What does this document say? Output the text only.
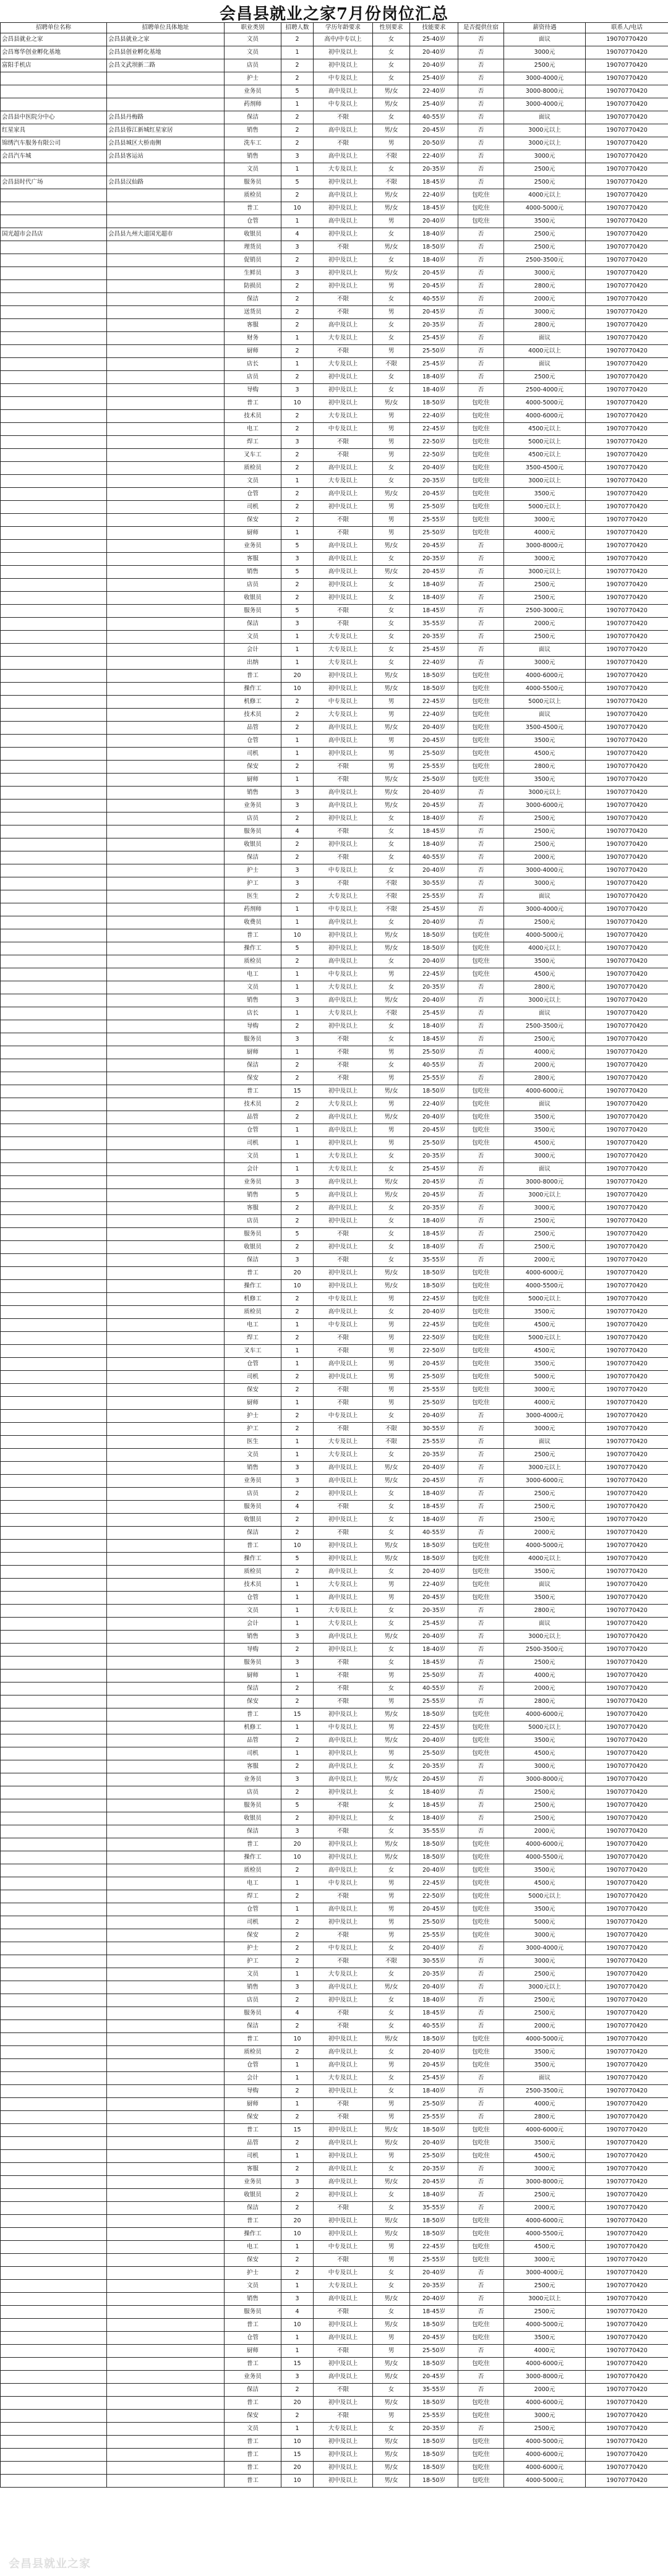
会昌县就业之家7月份岗位汇总
招聘单位名称	招聘单位具体地址	职业类别	招聘人数	学历年龄要求	性别要求	技能要求	是否提供住宿	薪资待遇	联系人/电话
会昌县就业之家	会昌县就业之家	文员	2	高中/中专以上	女	25-40岁	否	面议	19070770420
会昌骞华创业孵化基地	会昌县创业孵化基地	文员	1	初中及以上	女	20-40岁	否	3000元	19070770420
富阳手机店	会昌文武坝新二路	店员	2	初中及以上	女	20-40岁	否	2500元	19070770420
		护士	2	中专及以上	女	25-40岁	否	3000-4000元	19070770420
		业务员	5	高中及以上	男/女	22-40岁	否	3000-8000元	19070770420
		药剂师	1	中专及以上	男/女	25-40岁	否	3000-4000元	19070770420
会昌县中医院分中心	会昌县丹梅路	保洁	2	不限	女	40-55岁	否	面议	19070770420
红星家具	会昌县蓉江新城红星家居	销售	2	高中及以上	男/女	20-45岁	否	3000元以上	19070770420
锦绣汽车服务有限公司	会昌县城区大桥南侧	洗车工	2	不限	男	20-50岁	否	3000元以上	19070770420
会昌汽车城	会昌县客运站	销售	3	高中及以上	不限	22-40岁	否	3000元	19070770420
		文员	1	大专及以上	女	20-35岁	否	2500元	19070770420
会昌县时代广场	会昌县汉仙路	服务员	5	初中及以上	不限	18-45岁	否	2500元	19070770420
		质检员	2	高中及以上	男/女	22-40岁	包吃住	4000元以上	19070770420
		普工	10	初中及以上	男/女	18-45岁	包吃住	4000-5000元	19070770420
		仓管	1	高中及以上	男	20-40岁	包吃住	3500元	19070770420
国光超市会昌店	会昌县九州大道国光超市	收银员	4	初中及以上	女	18-40岁	否	2500元	19070770420
		理货员	3	不限	男/女	18-50岁	否	2500元	19070770420
		促销员	2	初中及以上	女	18-40岁	否	2500-3500元	19070770420
		生鲜员	3	初中及以上	男/女	20-45岁	否	3000元	19070770420
		防损员	2	初中及以上	男	20-45岁	否	2800元	19070770420
		保洁	2	不限	女	40-55岁	否	2000元	19070770420
		送货员	2	不限	男	20-45岁	否	3000元	19070770420
		客服	2	高中及以上	女	20-35岁	否	2800元	19070770420
		财务	1	大专及以上	女	25-45岁	否	面议	19070770420
		厨师	2	不限	男	25-50岁	否	4000元以上	19070770420
		店长	1	大专及以上	不限	25-45岁	否	面议	19070770420
		店员	2	初中及以上	女	18-40岁	否	2500元	19070770420
		导购	3	初中及以上	女	18-40岁	否	2500-4000元	19070770420
		普工	10	初中及以上	男/女	18-50岁	包吃住	4000-5000元	19070770420
		技术员	2	大专及以上	男	22-40岁	包吃住	4000-6000元	19070770420
		电工	2	中专及以上	男	22-45岁	包吃住	4500元以上	19070770420
		焊工	3	不限	男	22-50岁	包吃住	5000元以上	19070770420
		叉车工	2	不限	男	22-50岁	包吃住	4500元以上	19070770420
		质检员	2	高中及以上	女	20-40岁	包吃住	3500-4500元	19070770420
		文员	1	大专及以上	女	20-35岁	包吃住	3000元以上	19070770420
		仓管	2	高中及以上	男/女	20-45岁	包吃住	3500元	19070770420
		司机	2	初中及以上	男	25-50岁	包吃住	5000元以上	19070770420
		保安	2	不限	男	25-55岁	包吃住	3000元	19070770420
		厨师	1	不限	男	25-50岁	包吃住	4000元	19070770420
		业务员	5	高中及以上	男/女	20-45岁	否	3000-8000元	19070770420
		客服	3	高中及以上	女	20-35岁	否	3000元	19070770420
		销售	5	高中及以上	男/女	20-45岁	否	3000元以上	19070770420
		店员	2	初中及以上	女	18-40岁	否	2500元	19070770420
		收银员	2	初中及以上	女	18-40岁	否	2500元	19070770420
		服务员	5	不限	女	18-45岁	否	2500-3000元	19070770420
		保洁	3	不限	女	35-55岁	否	2000元	19070770420
		文员	1	大专及以上	女	20-35岁	否	2500元	19070770420
		会计	1	大专及以上	女	25-45岁	否	面议	19070770420
		出纳	1	大专及以上	女	22-40岁	否	3000元	19070770420
		普工	20	初中及以上	男/女	18-50岁	包吃住	4000-6000元	19070770420
		操作工	10	初中及以上	男/女	18-50岁	包吃住	4000-5500元	19070770420
		机修工	2	中专及以上	男	22-45岁	包吃住	5000元以上	19070770420
		技术员	2	大专及以上	男	22-40岁	包吃住	面议	19070770420
		品管	2	高中及以上	男/女	20-40岁	包吃住	3500-4500元	19070770420
		仓管	1	高中及以上	男	20-45岁	包吃住	3500元	19070770420
		司机	1	初中及以上	男	25-50岁	包吃住	4500元	19070770420
		保安	2	不限	男	25-55岁	包吃住	2800元	19070770420
		厨师	1	不限	男/女	25-50岁	包吃住	3500元	19070770420
		销售	3	高中及以上	男/女	20-40岁	否	3000元以上	19070770420
		业务员	3	高中及以上	男/女	20-45岁	否	3000-6000元	19070770420
		店员	2	初中及以上	女	18-40岁	否	2500元	19070770420
		服务员	4	不限	女	18-45岁	否	2500元	19070770420
		收银员	2	初中及以上	女	18-40岁	否	2500元	19070770420
		保洁	2	不限	女	40-55岁	否	2000元	19070770420
		护士	3	中专及以上	女	20-40岁	否	3000-4000元	19070770420
		护工	3	不限	不限	30-55岁	否	3000元	19070770420
		医生	2	大专及以上	不限	25-55岁	否	面议	19070770420
		药剂师	1	中专及以上	不限	25-45岁	否	3000-4000元	19070770420
		收费员	1	高中及以上	女	20-40岁	否	2500元	19070770420
		普工	10	初中及以上	男/女	18-50岁	包吃住	4000-5000元	19070770420
		操作工	5	初中及以上	男/女	18-50岁	包吃住	4000元以上	19070770420
		质检员	2	高中及以上	女	20-40岁	包吃住	3500元	19070770420
		电工	1	中专及以上	男	22-45岁	包吃住	4500元	19070770420
		文员	1	大专及以上	女	20-35岁	否	2800元	19070770420
		销售	3	高中及以上	男/女	20-40岁	否	3000元以上	19070770420
		店长	1	大专及以上	不限	25-45岁	否	面议	19070770420
		导购	2	初中及以上	女	18-40岁	否	2500-3500元	19070770420
		服务员	3	不限	女	18-45岁	否	2500元	19070770420
		厨师	1	不限	男	25-50岁	否	4000元	19070770420
		保洁	2	不限	女	40-55岁	否	2000元	19070770420
		保安	2	不限	男	25-55岁	否	2800元	19070770420
		普工	15	初中及以上	男/女	18-50岁	包吃住	4000-6000元	19070770420
		技术员	2	大专及以上	男	22-40岁	包吃住	面议	19070770420
		品管	2	高中及以上	男/女	20-40岁	包吃住	3500元	19070770420
		仓管	1	高中及以上	男	20-45岁	包吃住	3500元	19070770420
		司机	1	初中及以上	男	25-50岁	包吃住	4500元	19070770420
		文员	1	大专及以上	女	20-35岁	否	3000元	19070770420
		会计	1	大专及以上	女	25-45岁	否	面议	19070770420
		业务员	3	高中及以上	男/女	20-45岁	否	3000-8000元	19070770420
		销售	5	高中及以上	男/女	20-45岁	否	3000元以上	19070770420
		客服	2	高中及以上	女	20-35岁	否	3000元	19070770420
		店员	2	初中及以上	女	18-40岁	否	2500元	19070770420
		服务员	5	不限	女	18-45岁	否	2500元	19070770420
		收银员	2	初中及以上	女	18-40岁	否	2500元	19070770420
		保洁	3	不限	女	35-55岁	否	2000元	19070770420
		普工	20	初中及以上	男/女	18-50岁	包吃住	4000-6000元	19070770420
		操作工	10	初中及以上	男/女	18-50岁	包吃住	4000-5500元	19070770420
		机修工	2	中专及以上	男	22-45岁	包吃住	5000元以上	19070770420
		质检员	2	高中及以上	女	20-40岁	包吃住	3500元	19070770420
		电工	1	中专及以上	男	22-45岁	包吃住	4500元	19070770420
		焊工	2	不限	男	22-50岁	包吃住	5000元以上	19070770420
		叉车工	1	不限	男	22-50岁	包吃住	4500元	19070770420
		仓管	1	高中及以上	男	20-45岁	包吃住	3500元	19070770420
		司机	2	初中及以上	男	25-50岁	包吃住	5000元	19070770420
		保安	2	不限	男	25-55岁	包吃住	3000元	19070770420
		厨师	1	不限	男	25-50岁	包吃住	4000元	19070770420
		护士	2	中专及以上	女	20-40岁	否	3000-4000元	19070770420
		护工	2	不限	不限	30-55岁	否	3000元	19070770420
		医生	1	大专及以上	不限	25-55岁	否	面议	19070770420
		文员	1	大专及以上	女	20-35岁	否	2500元	19070770420
		销售	3	高中及以上	男/女	20-40岁	否	3000元以上	19070770420
		业务员	3	高中及以上	男/女	20-45岁	否	3000-6000元	19070770420
		店员	2	初中及以上	女	18-40岁	否	2500元	19070770420
		服务员	4	不限	女	18-45岁	否	2500元	19070770420
		收银员	2	初中及以上	女	18-40岁	否	2500元	19070770420
		保洁	2	不限	女	40-55岁	否	2000元	19070770420
		普工	10	初中及以上	男/女	18-50岁	包吃住	4000-5000元	19070770420
		操作工	5	初中及以上	男/女	18-50岁	包吃住	4000元以上	19070770420
		质检员	2	高中及以上	女	20-40岁	包吃住	3500元	19070770420
		技术员	1	大专及以上	男	22-40岁	包吃住	面议	19070770420
		仓管	1	高中及以上	男	20-45岁	包吃住	3500元	19070770420
		文员	1	大专及以上	女	20-35岁	否	2800元	19070770420
		会计	1	大专及以上	女	25-45岁	否	面议	19070770420
		销售	3	高中及以上	男/女	20-40岁	否	3000元以上	19070770420
		导购	2	初中及以上	女	18-40岁	否	2500-3500元	19070770420
		服务员	3	不限	女	18-45岁	否	2500元	19070770420
		厨师	1	不限	男	25-50岁	否	4000元	19070770420
		保洁	2	不限	女	40-55岁	否	2000元	19070770420
		保安	2	不限	男	25-55岁	否	2800元	19070770420
		普工	15	初中及以上	男/女	18-50岁	包吃住	4000-6000元	19070770420
		机修工	1	中专及以上	男	22-45岁	包吃住	5000元以上	19070770420
		品管	2	高中及以上	男/女	20-40岁	包吃住	3500元	19070770420
		司机	1	初中及以上	男	25-50岁	包吃住	4500元	19070770420
		客服	2	高中及以上	女	20-35岁	否	3000元	19070770420
		业务员	3	高中及以上	男/女	20-45岁	否	3000-8000元	19070770420
		店员	2	初中及以上	女	18-40岁	否	2500元	19070770420
		服务员	5	不限	女	18-45岁	否	2500元	19070770420
		收银员	2	初中及以上	女	18-40岁	否	2500元	19070770420
		保洁	3	不限	女	35-55岁	否	2000元	19070770420
		普工	20	初中及以上	男/女	18-50岁	包吃住	4000-6000元	19070770420
		操作工	10	初中及以上	男/女	18-50岁	包吃住	4000-5500元	19070770420
		质检员	2	高中及以上	女	20-40岁	包吃住	3500元	19070770420
		电工	1	中专及以上	男	22-45岁	包吃住	4500元	19070770420
		焊工	2	不限	男	22-50岁	包吃住	5000元以上	19070770420
		仓管	1	高中及以上	男	20-45岁	包吃住	3500元	19070770420
		司机	2	初中及以上	男	25-50岁	包吃住	5000元	19070770420
		保安	2	不限	男	25-55岁	包吃住	3000元	19070770420
		护士	2	中专及以上	女	20-40岁	否	3000-4000元	19070770420
		护工	2	不限	不限	30-55岁	否	3000元	19070770420
		文员	1	大专及以上	女	20-35岁	否	2500元	19070770420
		销售	3	高中及以上	男/女	20-40岁	否	3000元以上	19070770420
		店员	2	初中及以上	女	18-40岁	否	2500元	19070770420
		服务员	4	不限	女	18-45岁	否	2500元	19070770420
		保洁	2	不限	女	40-55岁	否	2000元	19070770420
		普工	10	初中及以上	男/女	18-50岁	包吃住	4000-5000元	19070770420
		质检员	2	高中及以上	女	20-40岁	包吃住	3500元	19070770420
		仓管	1	高中及以上	男	20-45岁	包吃住	3500元	19070770420
		会计	1	大专及以上	女	25-45岁	否	面议	19070770420
		导购	2	初中及以上	女	18-40岁	否	2500-3500元	19070770420
		厨师	1	不限	男	25-50岁	否	4000元	19070770420
		保安	2	不限	男	25-55岁	否	2800元	19070770420
		普工	15	初中及以上	男/女	18-50岁	包吃住	4000-6000元	19070770420
		品管	2	高中及以上	男/女	20-40岁	包吃住	3500元	19070770420
		司机	1	初中及以上	男	25-50岁	包吃住	4500元	19070770420
		客服	2	高中及以上	女	20-35岁	否	3000元	19070770420
		业务员	3	高中及以上	男/女	20-45岁	否	3000-8000元	19070770420
		收银员	2	初中及以上	女	18-40岁	否	2500元	19070770420
		保洁	2	不限	女	35-55岁	否	2000元	19070770420
		普工	20	初中及以上	男/女	18-50岁	包吃住	4000-6000元	19070770420
		操作工	10	初中及以上	男/女	18-50岁	包吃住	4000-5500元	19070770420
		电工	1	中专及以上	男	22-45岁	包吃住	4500元	19070770420
		保安	2	不限	男	25-55岁	包吃住	3000元	19070770420
		护士	2	中专及以上	女	20-40岁	否	3000-4000元	19070770420
		文员	1	大专及以上	女	20-35岁	否	2500元	19070770420
		销售	3	高中及以上	男/女	20-40岁	否	3000元以上	19070770420
		服务员	4	不限	女	18-45岁	否	2500元	19070770420
		普工	10	初中及以上	男/女	18-50岁	包吃住	4000-5000元	19070770420
		仓管	1	高中及以上	男	20-45岁	包吃住	3500元	19070770420
		厨师	1	不限	男	25-50岁	否	4000元	19070770420
		普工	15	初中及以上	男/女	18-50岁	包吃住	4000-6000元	19070770420
		业务员	3	高中及以上	男/女	20-45岁	否	3000-8000元	19070770420
		保洁	2	不限	女	35-55岁	否	2000元	19070770420
		普工	20	初中及以上	男/女	18-50岁	包吃住	4000-6000元	19070770420
		保安	2	不限	男	25-55岁	包吃住	3000元	19070770420
		文员	1	大专及以上	女	20-35岁	否	2500元	19070770420
		普工	10	初中及以上	男/女	18-50岁	包吃住	4000-5000元	19070770420
		普工	15	初中及以上	男/女	18-50岁	包吃住	4000-6000元	19070770420
		普工	20	初中及以上	男/女	18-50岁	包吃住	4000-6000元	19070770420
		普工	10	初中及以上	男/女	18-50岁	包吃住	4000-5000元	19070770420
会昌县就业之家
